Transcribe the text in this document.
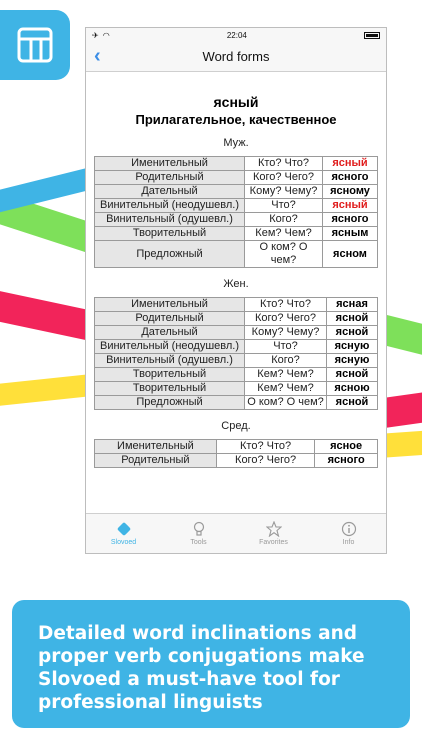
✈ ◠	22:04
‹	Word forms
ясный
Прилагательное, качественное
Муж.
Именительный	Кто? Что?	ясный
Родительный	Кого? Чего?	ясного
Дательный	Кому? Чему?	ясному
Винительный (неодушевл.)	Что?	ясный
Винительный (одушевл.)	Кого?	ясного
Творительный	Кем? Чем?	ясным
Предложный	О ком? О чем?	ясном
Жен.
Именительный	Кто? Что?	ясная
Родительный	Кого? Чего?	ясной
Дательный	Кому? Чему?	ясной
Винительный (неодушевл.)	Что?	ясную
Винительный (одушевл.)	Кого?	ясную
Творительный	Кем? Чем?	ясной
Творительный	Кем? Чем?	ясною
Предложный	О ком? О чем?	ясной
Сред.
Именительный	Кто? Что?	ясное
Родительный	Кого? Чего?	ясного
Slovoed	Tools	Favorites	Info
Detailed word inclinations and proper verb conjugations make Slovoed a must-have tool for professional linguists
